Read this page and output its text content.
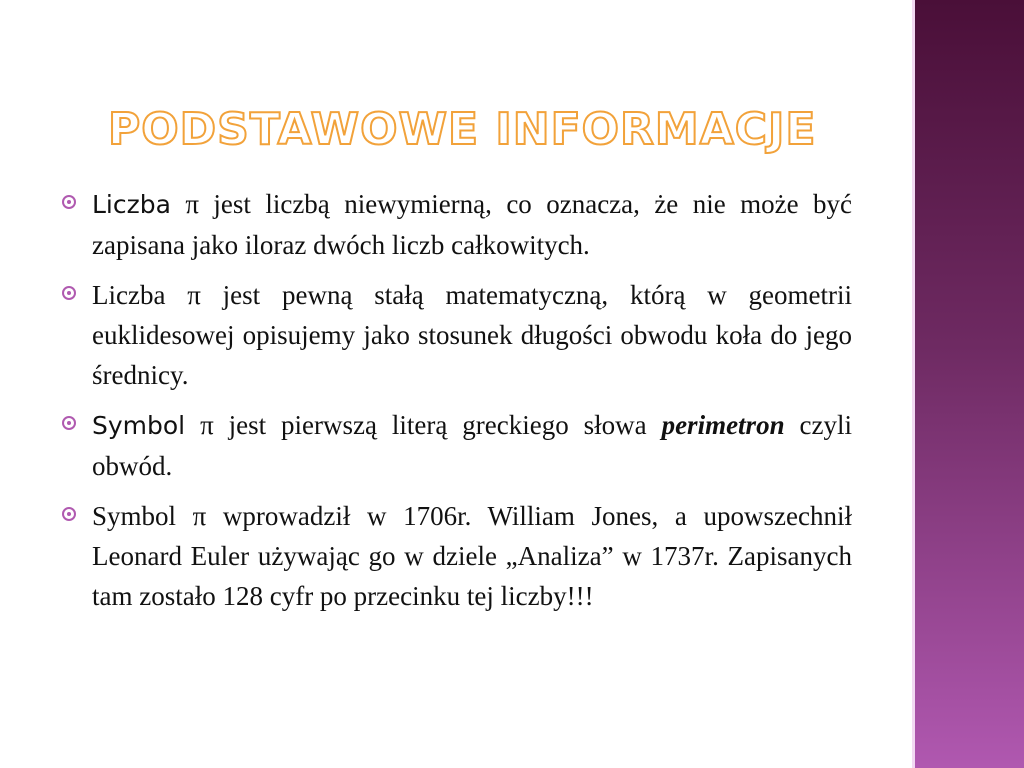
PODSTAWOWE INFORMACJE
Liczba π jest liczbą niewymierną, co oznacza, że nie może być zapisana jako iloraz dwóch liczb całkowitych.
Liczba π jest pewną stałą matematyczną, którą w geometrii euklidesowej opisujemy jako stosunek długości obwodu koła do jego średnicy.
Symbol π jest pierwszą literą greckiego słowa perimetron czyli obwód.
Symbol π wprowadził w 1706r. William Jones, a upowszechnił Leonard Euler używając go w dziele „Analiza” w 1737r. Zapisanych tam zostało 128 cyfr po przecinku tej liczby!!!
